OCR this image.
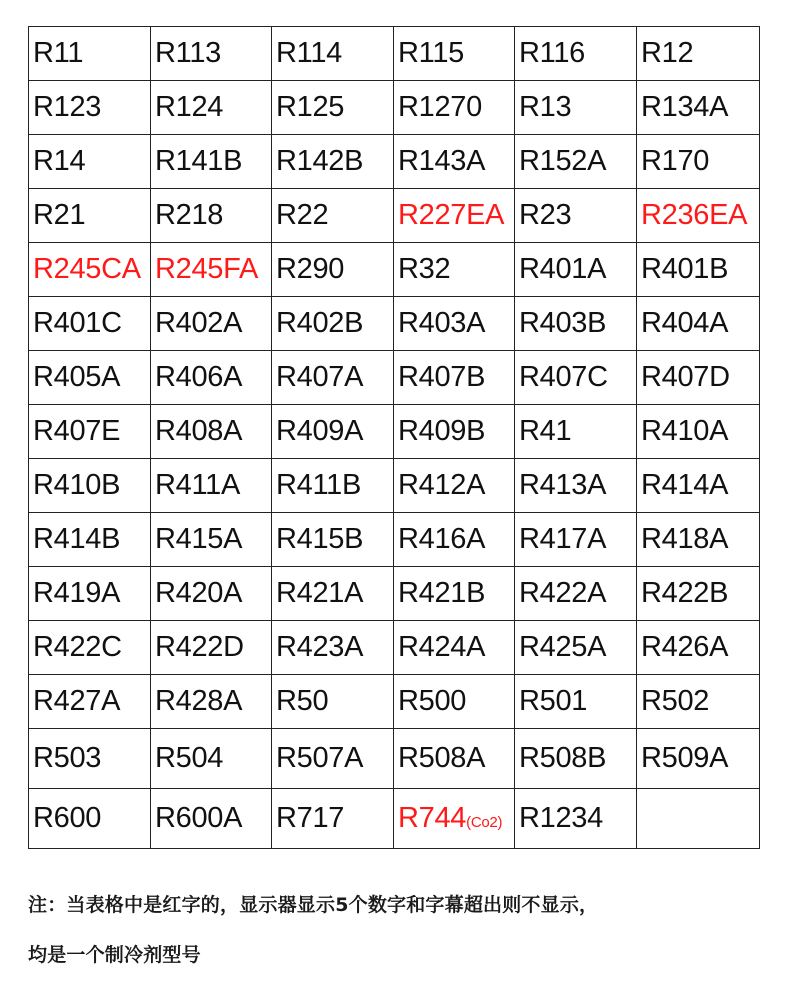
R11	R113	R114	R115	R116	R12
R123	R124	R125	R1270	R13	R134A
R14	R141B	R142B	R143A	R152A	R170
R21	R218	R22	R227EA	R23	R236EA
R245CA	R245FA	R290	R32	R401A	R401B
R401C	R402A	R402B	R403A	R403B	R404A
R405A	R406A	R407A	R407B	R407C	R407D
R407E	R408A	R409A	R409B	R41	R410A
R410B	R411A	R411B	R412A	R413A	R414A
R414B	R415A	R415B	R416A	R417A	R418A
R419A	R420A	R421A	R421B	R422A	R422B
R422C	R422D	R423A	R424A	R425A	R426A
R427A	R428A	R50	R500	R501	R502
R503	R504	R507A	R508A	R508B	R509A
R600	R600A	R717	R744(Co2)	R1234	
注：当表格中是红字的，显示器显示5个数字和字幕超出则不显示，
均是一个制冷剂型号
